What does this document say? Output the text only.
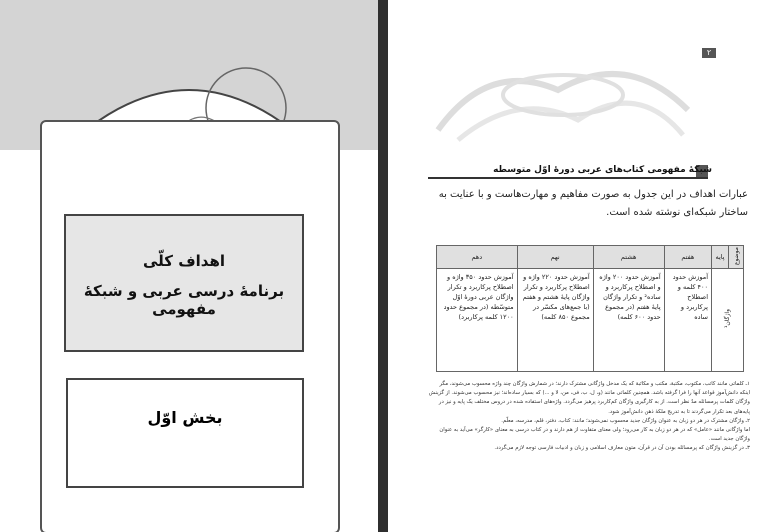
اهداف کلّی
برنامهٔ درسی عربی و شبکهٔ مفهومی
بخش اوّل
۲
شبکهٔ مفهومی کتاب‌های عربی دورهٔ اوّل متوسطه
عبارات اهداف در این جدول به صورت مفاهیم و مهارت‌هاست و با عنایت به ساختار شبکه‌ای نوشته شده است.
موضوع	پایه	هفتم	هشتم	نهم	دهم
واژگان¹		آموزش حدود ۴۰۰ کلمه و اصطلاح پرکاربرد و ساده	آموزش حدود ۲۰۰ واژه و اصطلاح پرکاربرد و ساده² و تکرار واژگان پایهٔ هفتم (در مجموع حدود ۶۰۰ کلمه)	آموزش حدود ۲۲۰ واژه و اصطلاح پرکاربرد و تکرار واژگان پایهٔ هشتم و هفتم (با جمع‌های مکسّر در مجموع ۸۵۰ کلمه)	آموزش حدود ۳۵۰ واژه و اصطلاح پرکاربرد و تکرار واژگان عربی دورهٔ اوّل متوسّطه (در مجموع حدود ۱۲۰۰ کلمه پرکاربرد)

۱ـ کلماتی مانند کاتب، مکتوب، مکتبة، مکتب و مکاتَبة که یک مدخل واژگانی مشترک دارند؛ در شمارش واژگان چند واژه محسوب می‌شوند، مگر اینکه دانش‌آموز قواعد آنها را فرا گرفته باشد. همچنین کلماتی مانند (و، ل، ب، فی، من، لا و ...) که بسیار ساده‌اند؛ نیز محسوب می‌شوند. از گزینش واژگان کلمات پرمسائله مدّ نظر است. از به کارگیری واژگان کم‌کاربرد پرهیز می‌گردد. واژه‌های استفاده شده در دروس مختلف یک پایه و نیز در پایه‌های بعد تکرار می‌گردند تا به تدریج ملکهٔ ذهن دانش‌آموز شود.

۲ـ واژگان مشترک در هر دو زبان به عنوان واژگان جدید محسوب نمی‌شوند؛ مانند: کتاب، دفتر، قلم، مدرسه، معلّم.

اما واژگانی مانند «عامل» که در هر دو زبان به کار می‌رود؛ ولی معنای متفاوت از هم دارند و در کتاب درسی به معنای «کارگر» می‌آید به عنوان واژگان جدید است.

۳ـ در گزینش واژگان که پرمسائله بودن آن در قرآن، متون معارف اسلامی و زبان و ادبیات فارسی توجه لازم می‌گردد.
